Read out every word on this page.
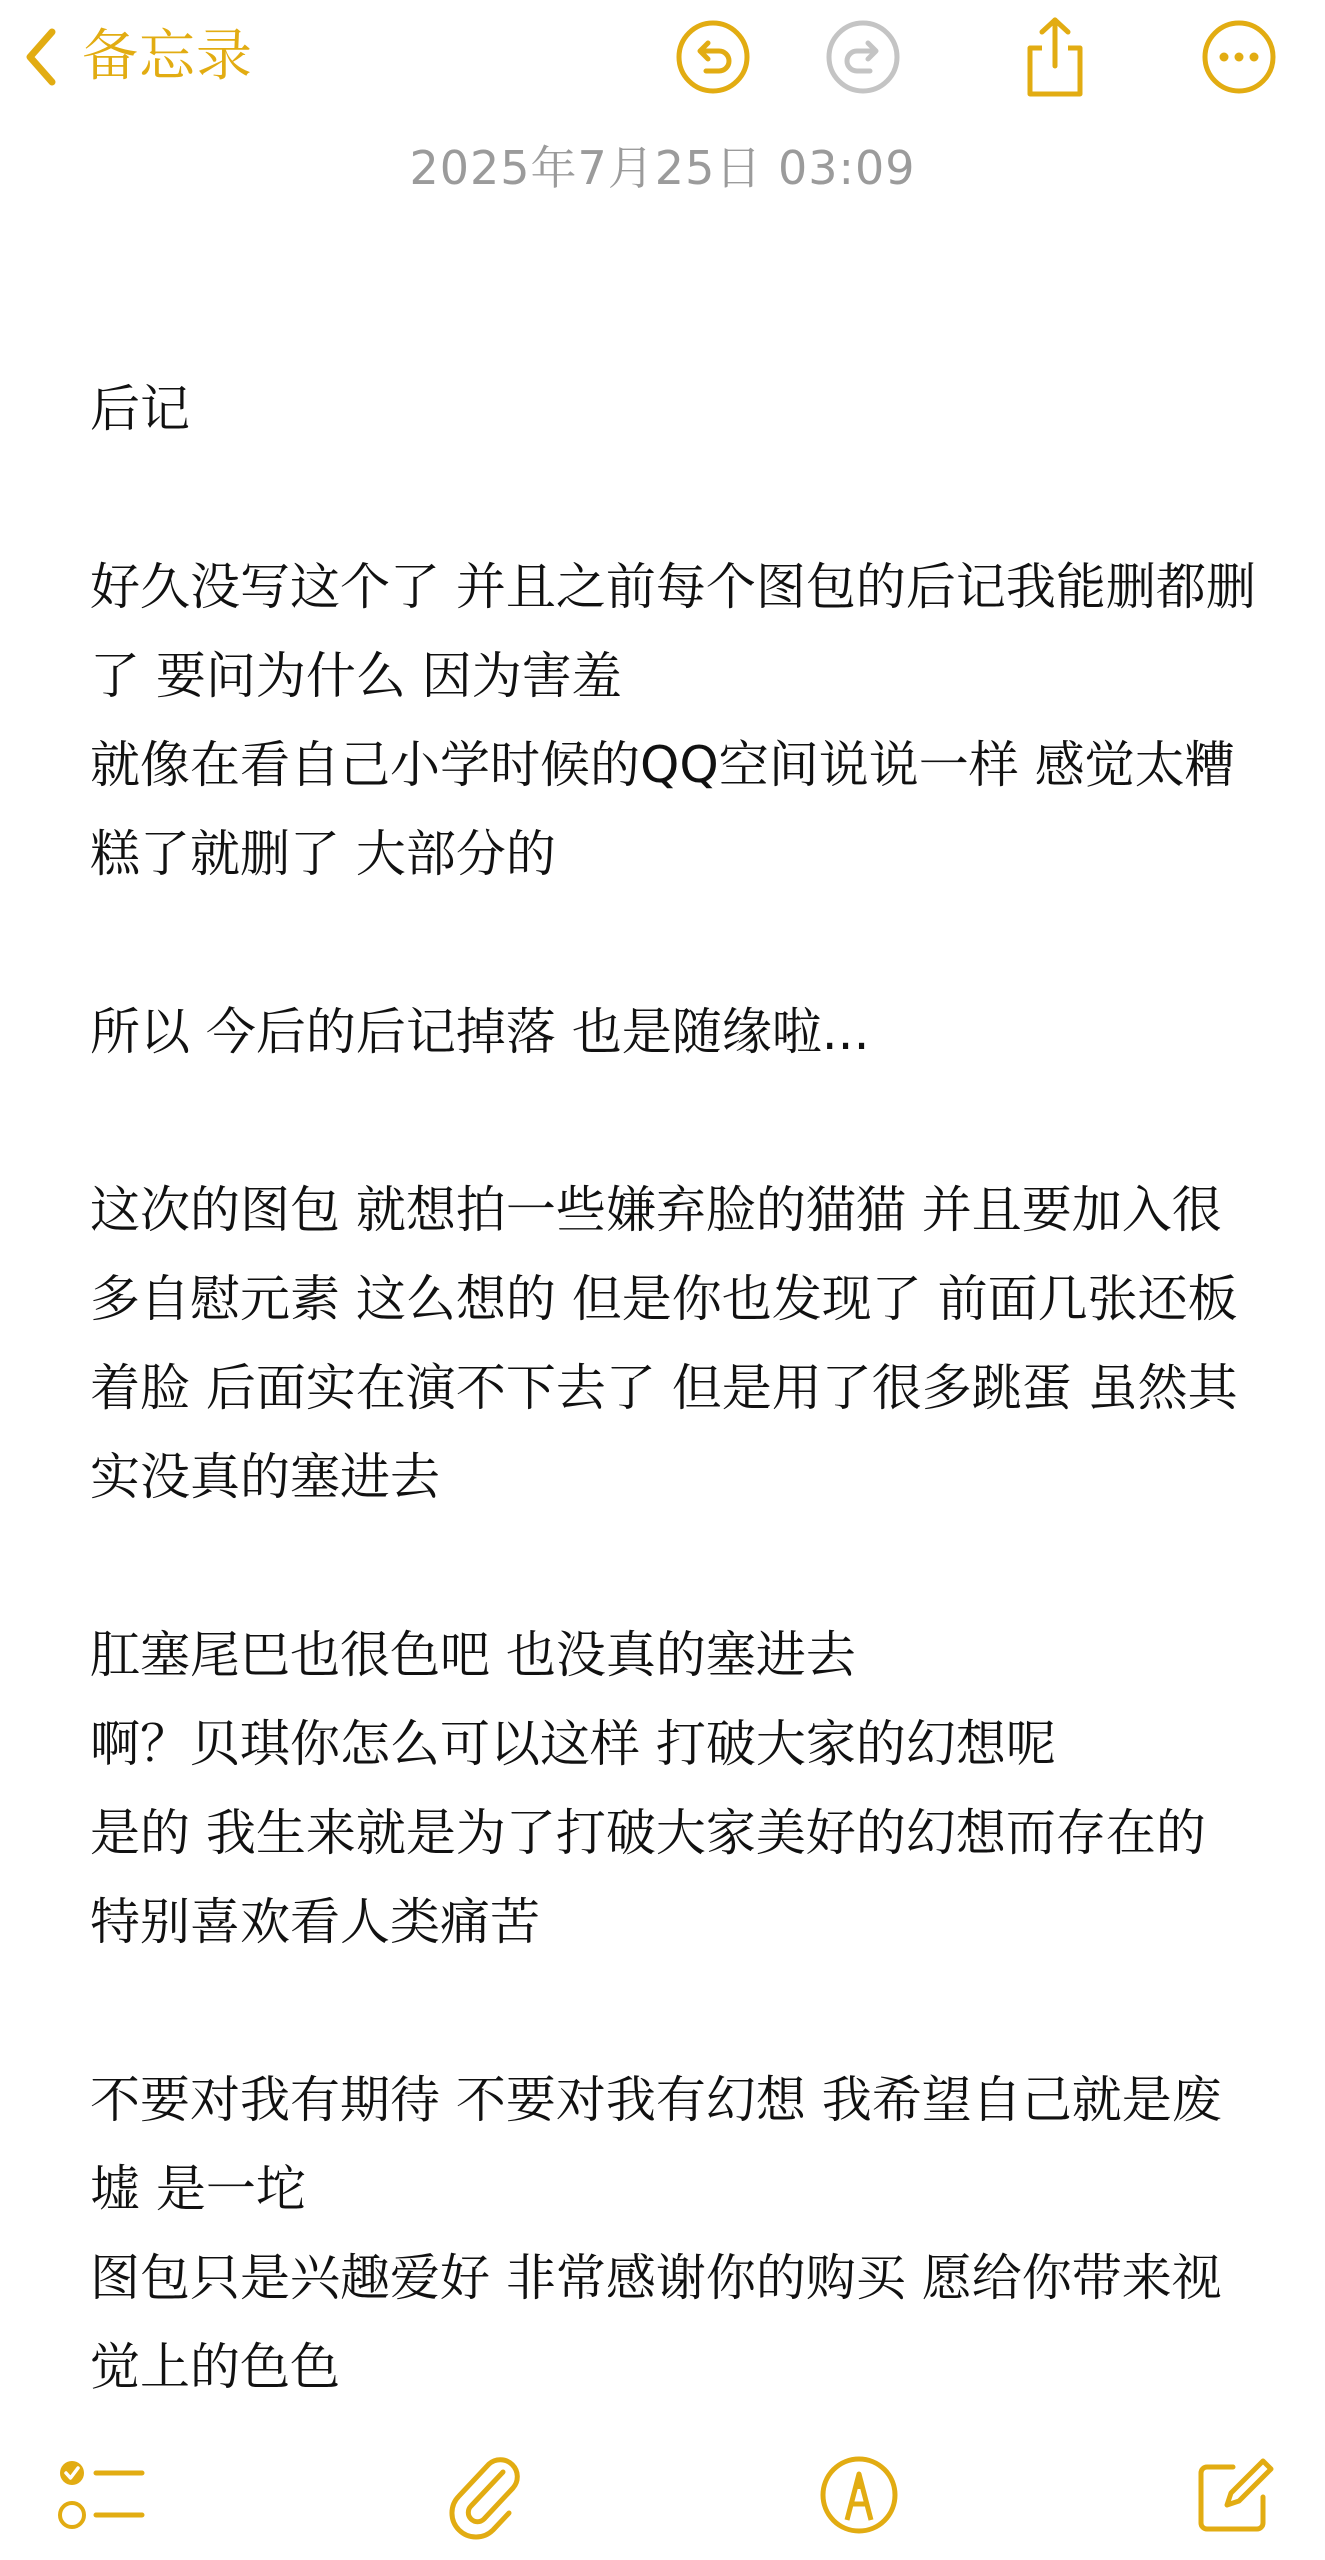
备忘录
2025年7月25日 03:09
后记

好久没写这个了 并且之前每个图包的后记我能删都删了 要问为什么 因为害羞
就像在看自己小学时候的QQ空间说说一样 感觉太糟糕了就删了 大部分的

所以 今后的后记掉落 也是随缘啦...

这次的图包 就想拍一些嫌弃脸的猫猫 并且要加入很多自慰元素 这么想的 但是你也发现了 前面几张还板着脸 后面实在演不下去了 但是用了很多跳蛋 虽然其实没真的塞进去

肛塞尾巴也很色吧 也没真的塞进去
啊？贝琪你怎么可以这样 打破大家的幻想呢
是的 我生来就是为了打破大家美好的幻想而存在的 特别喜欢看人类痛苦

不要对我有期待 不要对我有幻想 我希望自己就是废墟 是一坨
图包只是兴趣爱好 非常感谢你的购买 愿给你带来视觉上的色色
